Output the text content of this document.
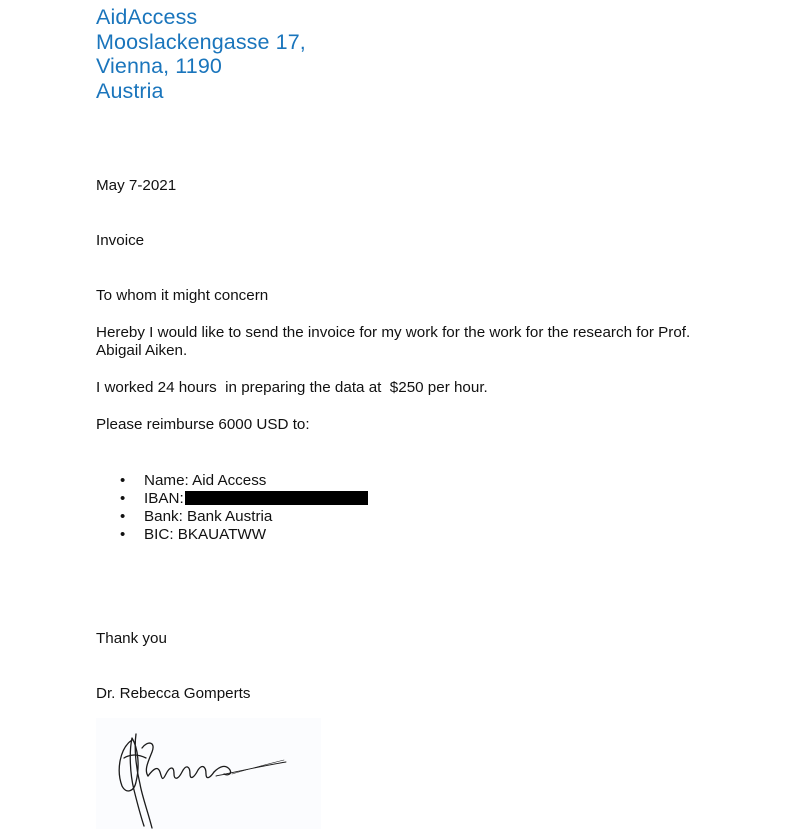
AidAccess
Mooslackengasse 17,
Vienna, 1190
Austria
May 7-2021
Invoice
To whom it might concern
Hereby I would like to send the invoice for my work for the work for the research for Prof. Abigail Aiken.
I worked 24 hours  in preparing the data at  $250 per hour.
Please reimburse 6000 USD to:
• Name: Aid Access
• IBAN:
• Bank: Bank Austria
• BIC: BKAUATWW
Thank you
Dr. Rebecca Gomperts
